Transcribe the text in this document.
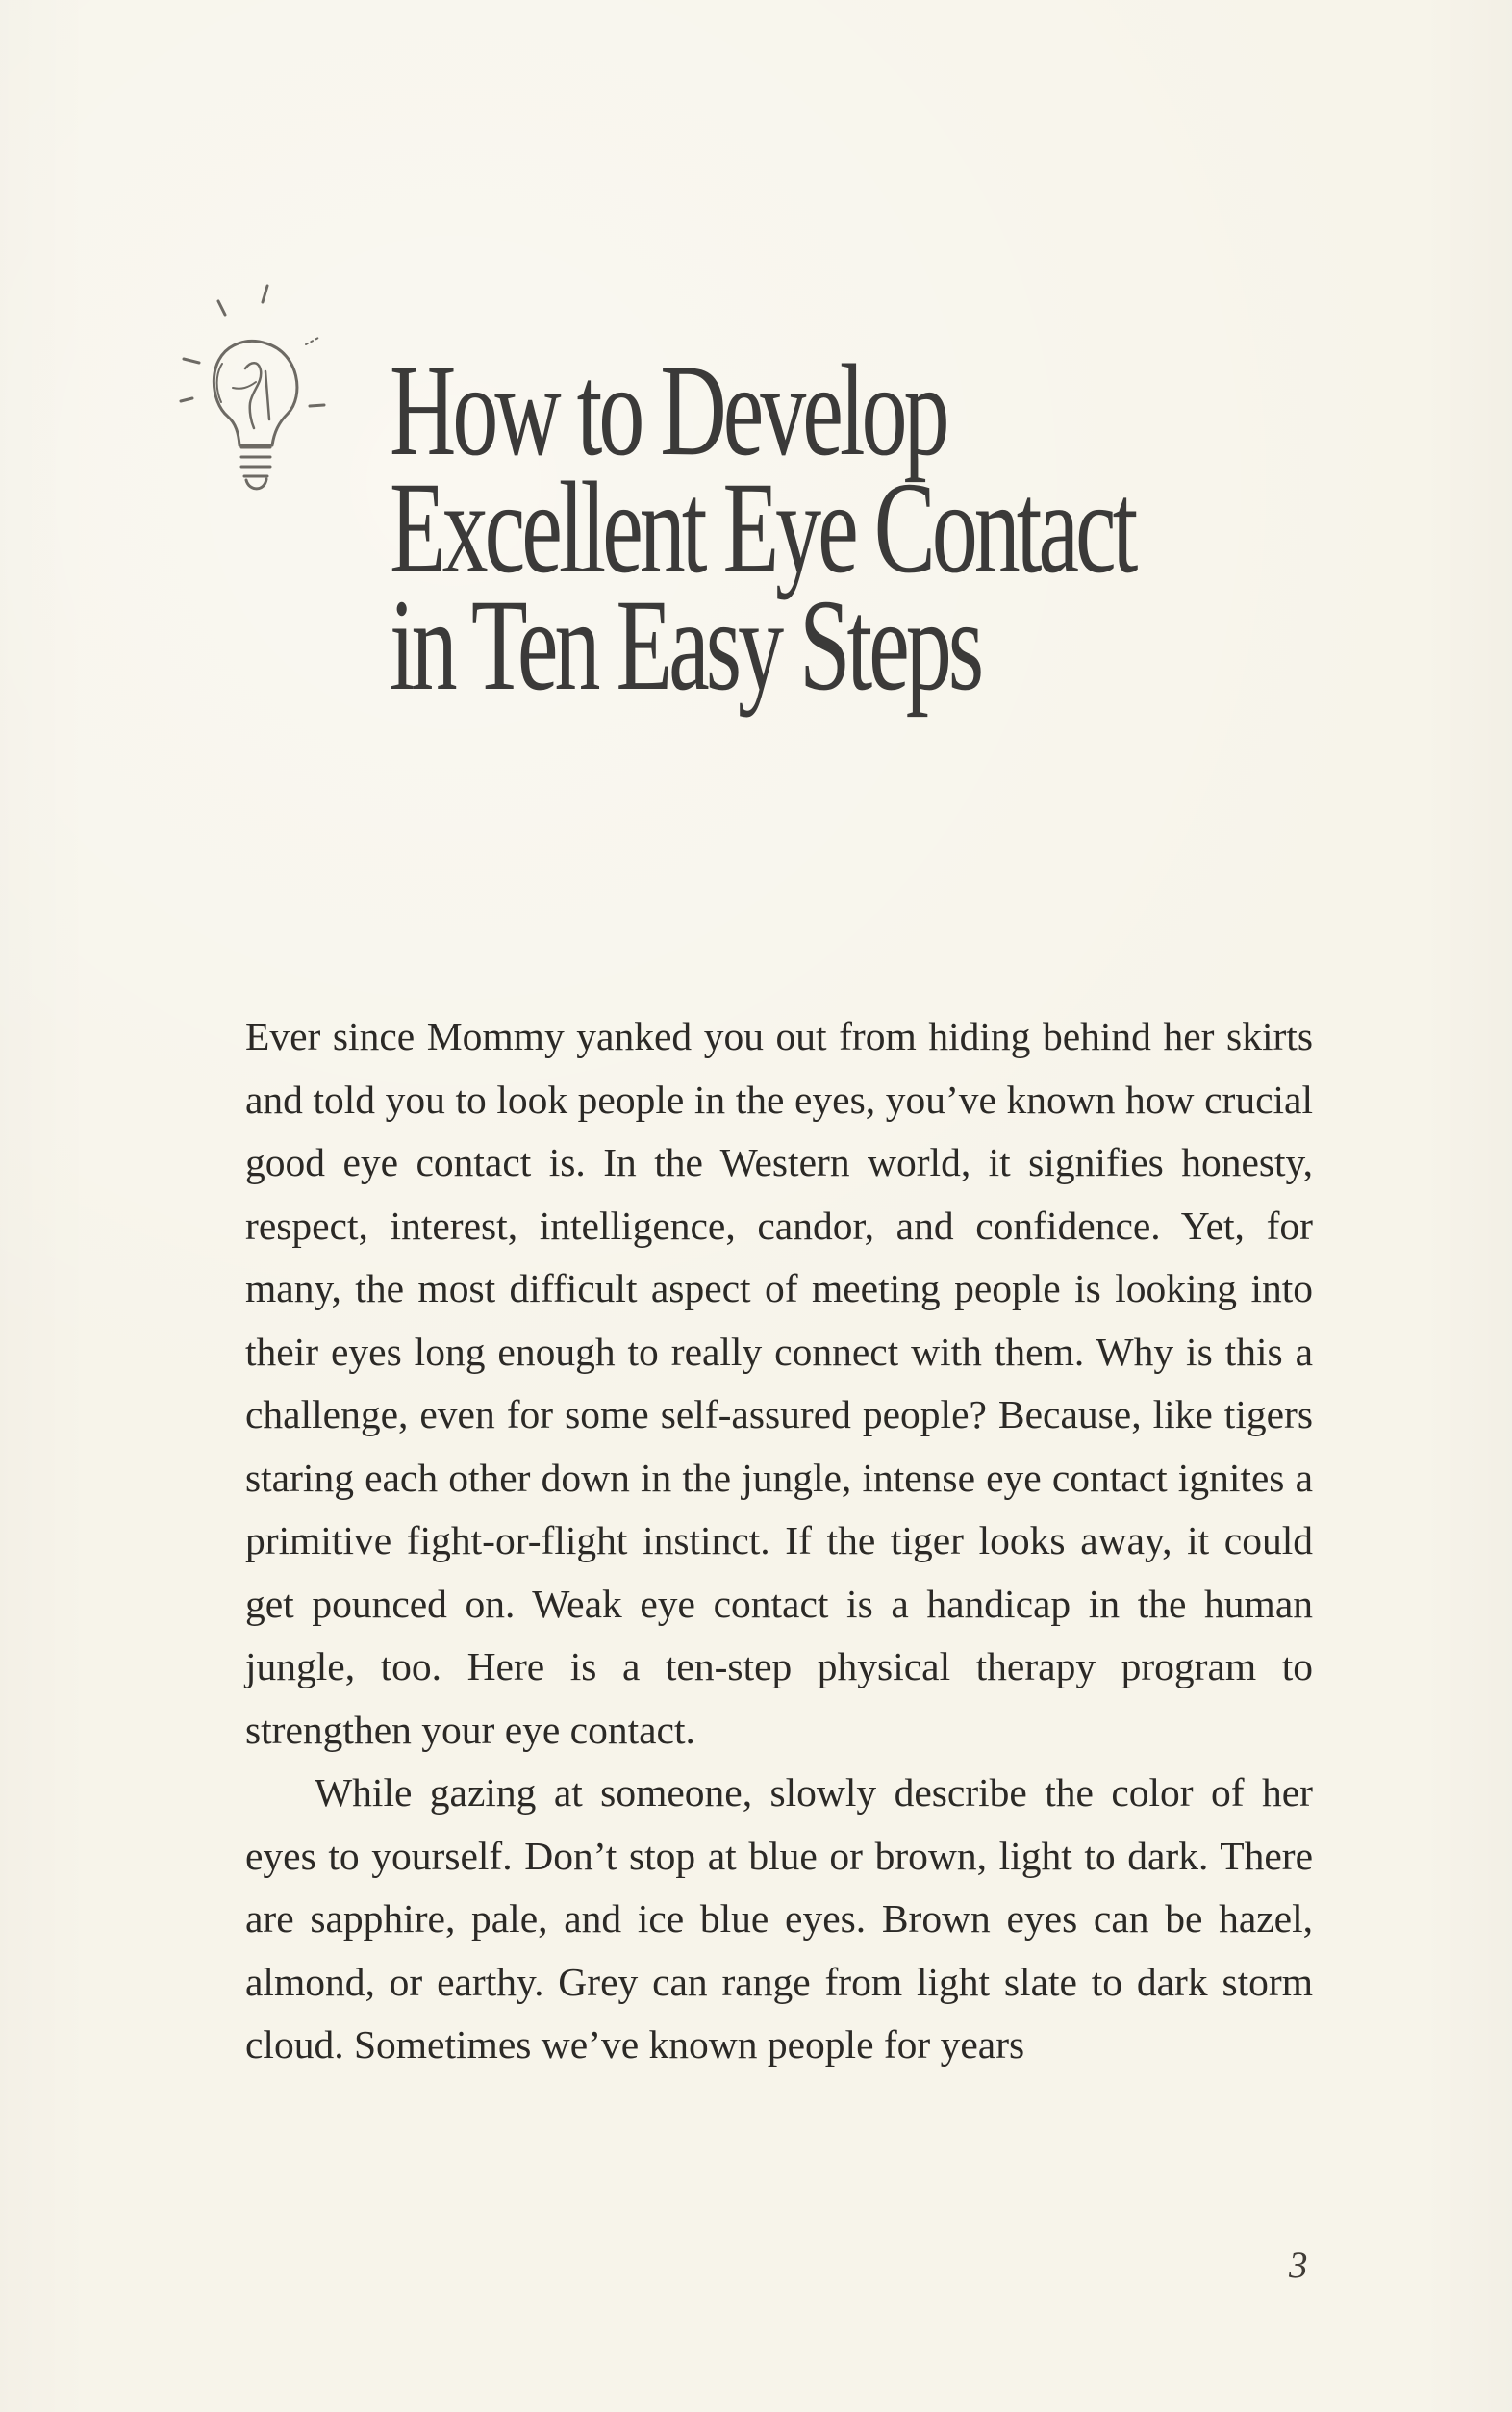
How to Develop
Excellent Eye Contact
in Ten Easy Steps

Ever since Mommy yanked you out from hiding behind her skirts and told you to look people in the eyes, you’ve known how crucial good eye contact is. In the Western world, it signifies honesty, respect, interest, intelligence, candor, and confidence. Yet, for many, the most difficult aspect of meeting people is looking into their eyes long enough to really connect with them. Why is this a challenge, even for some self-assured people? Because, like tigers staring each other down in the jungle, intense eye contact ignites a primitive fight-or-flight instinct. If the tiger looks away, it could get pounced on. Weak eye contact is a handicap in the human jungle, too. Here is a ten-step physical therapy program to strengthen your eye contact.

While gazing at someone, slowly describe the color of her eyes to yourself. Don’t stop at blue or brown, light to dark. There are sapphire, pale, and ice blue eyes. Brown eyes can be hazel, almond, or earthy. Grey can range from light slate to dark storm cloud. Sometimes we’ve known people for years

3
